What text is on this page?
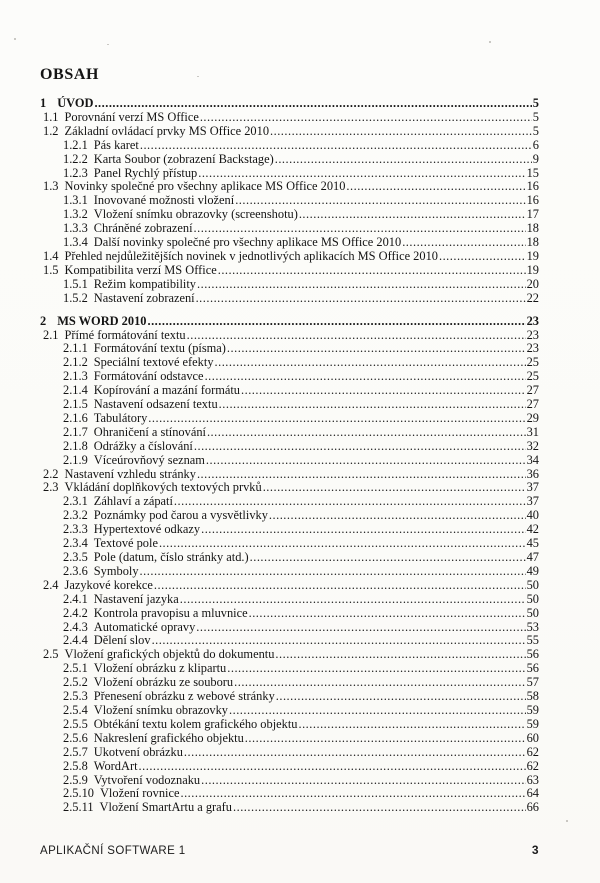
OBSAH
1 ÚVOD .....	5
1.1 Porovnání verzí MS Office .....	5
1.2 Základní ovládací prvky MS Office 2010 .....	5
1.2.1 Pás karet .....	6
1.2.2 Karta Soubor (zobrazení Backstage) .....	9
1.2.3 Panel Rychlý přístup .....	15
1.3 Novinky společné pro všechny aplikace MS Office 2010 .....	16
1.3.1 Inovované možnosti vložení .....	16
1.3.2 Vložení snímku obrazovky (screenshotu) .....	17
1.3.3 Chráněné zobrazení .....	18
1.3.4 Další novinky společné pro všechny aplikace MS Office 2010 .....	18
1.4 Přehled nejdůležitějších novinek v jednotlivých aplikacích MS Office 2010 .....	19
1.5 Kompatibilita verzí MS Office .....	19
1.5.1 Režim kompatibility .....	20
1.5.2 Nastavení zobrazení .....	22
2 MS WORD 2010 .....	23
2.1 Přímé formátování textu .....	23
2.1.1 Formátování textu (písma) .....	23
2.1.2 Speciální textové efekty .....	25
2.1.3 Formátování odstavce .....	25
2.1.4 Kopírování a mazání formátu .....	27
2.1.5 Nastavení odsazení textu .....	27
2.1.6 Tabulátory .....	29
2.1.7 Ohraničení a stínování .....	31
2.1.8 Odrážky a číslování .....	32
2.1.9 Víceúrovňový seznam .....	34
2.2 Nastavení vzhledu stránky .....	36
2.3 Vkládání doplňkových textových prvků .....	37
2.3.1 Záhlaví a zápatí .....	37
2.3.2 Poznámky pod čarou a vysvětlivky .....	40
2.3.3 Hypertextové odkazy .....	42
2.3.4 Textové pole .....	45
2.3.5 Pole (datum, číslo stránky atd.) .....	47
2.3.6 Symboly .....	49
2.4 Jazykové korekce .....	50
2.4.1 Nastavení jazyka .....	50
2.4.2 Kontrola pravopisu a mluvnice .....	50
2.4.3 Automatické opravy .....	53
2.4.4 Dělení slov .....	55
2.5 Vložení grafických objektů do dokumentu .....	56
2.5.1 Vložení obrázku z klipartu .....	56
2.5.2 Vložení obrázku ze souboru .....	57
2.5.3 Přenesení obrázku z webové stránky .....	58
2.5.4 Vložení snímku obrazovky .....	59
2.5.5 Obtékání textu kolem grafického objektu .....	59
2.5.6 Nakreslení grafického objektu .....	60
2.5.7 Ukotvení obrázku .....	62
2.5.8 WordArt .....	62
2.5.9 Vytvoření vodoznaku .....	63
2.5.10 Vložení rovnice .....	64
2.5.11 Vložení SmartArtu a grafu .....	66
APLIKAČNÍ SOFTWARE 1	3
